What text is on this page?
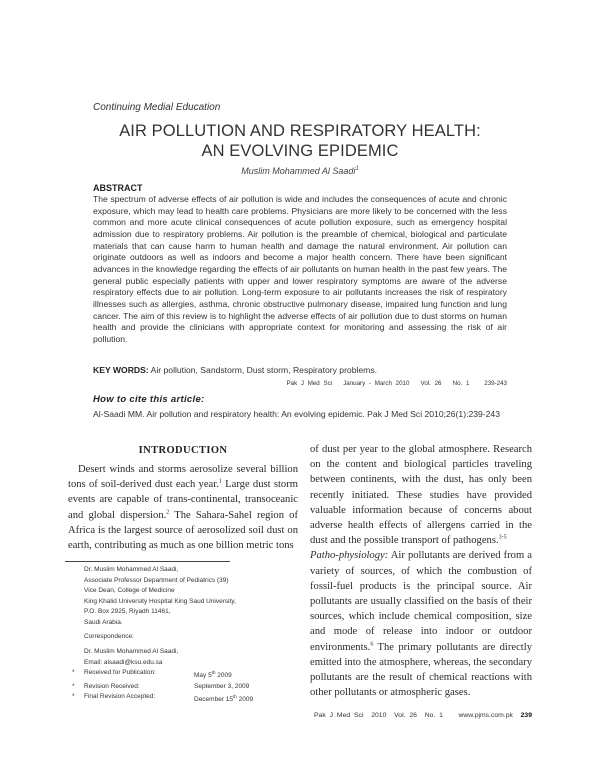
Continuing Medial Education
AIR POLLUTION AND RESPIRATORY HEALTH:
AN EVOLVING EPIDEMIC
Muslim Mohammed Al Saadi$^1$
ABSTRACT
The spectrum of adverse effects of air pollution is wide and includes the consequences of acute and chronic exposure, which may lead to health care problems. Physicians are more likely to be concerned with the less common and more acute clinical consequences of acute pollution exposure, such as emergency hospital admission due to respiratory problems. Air pollution is the preamble of chemical, biological and particulate materials that can cause harm to human health and damage the natural environment. Air pollution can originate outdoors as well as indoors and become a major health concern. There have been significant advances in the knowledge regarding the effects of air pollutants on human health in the past few years. The general public especially patients with upper and lower respiratory symptoms are aware of the adverse respiratory effects due to air pollution. Long-term exposure to air pollutants increases the risk of respiratory illnesses such as allergies, asthma, chronic obstructive pulmonary disease, impaired lung function and lung cancer. The aim of this review is to highlight the adverse effects of air pollution due to dust storms on human health and provide the clinicians with appropriate context for monitoring and assessing the risk of air pollution.
KEY WORDS: Air pollution, Sandstorm, Dust storm, Respiratory problems.
Pak J Med Sci   January - March 2010   Vol. 26   No. 1    239-243
How to cite this article:
Al-Saadi MM. Air pollution and respiratory health: An evolving epidemic. Pak J Med Sci 2010;26(1):239-243
INTRODUCTION

Desert winds and storms aerosolize several billion tons of soil-derived dust each year.$^1$ Large dust storm events are capable of trans-continental, transoceanic and global dispersion.$^2$ The Sahara-Sahel region of Africa is the largest source of aerosolized soil dust on earth, contributing as much as one billion metric tons

of dust per year to the global atmosphere. Research on the content and biological particles traveling between continents, with the dust, has only been recently initiated. These studies have provided valuable information because of concerns about adverse health effects of allergens carried in the dust and the possible transport of pathogens.$^{3-5}$

Patho-physiology: Air pollutants are derived from a variety of sources, of which the combustion of fossil-fuel products is the principal source. Air pollutants are usually classified on the basis of their sources, which include chemical composition, size and mode of release into indoor or outdoor environments.$^6$ The primary pollutants are directly emitted into the atmosphere, whereas, the secondary pollutants are the result of chemical reactions with other pollutants or atmospheric gases.

Dr. Muslim Mohammed Al Saadi,
Associate Professor Department of Pediatrics (39)
Vice Dean, College of Medicine
King Khalid University Hospital King Saud University,
P.O. Box 2925, Riyadh 11461,
Saudi Arabia.
Correspondence:
Dr. Muslim Mohammed Al Saadi,
Email: alsaadi@ksu.edu.sa
*	Received for Publication:	May 5th 2009
*	Revision Received:	September 3, 2009
*	Final Revision Accepted:	December 15th 2009
Pak J Med Sci  2010  Vol. 26  No. 1    www.pjms.com.pk  239
